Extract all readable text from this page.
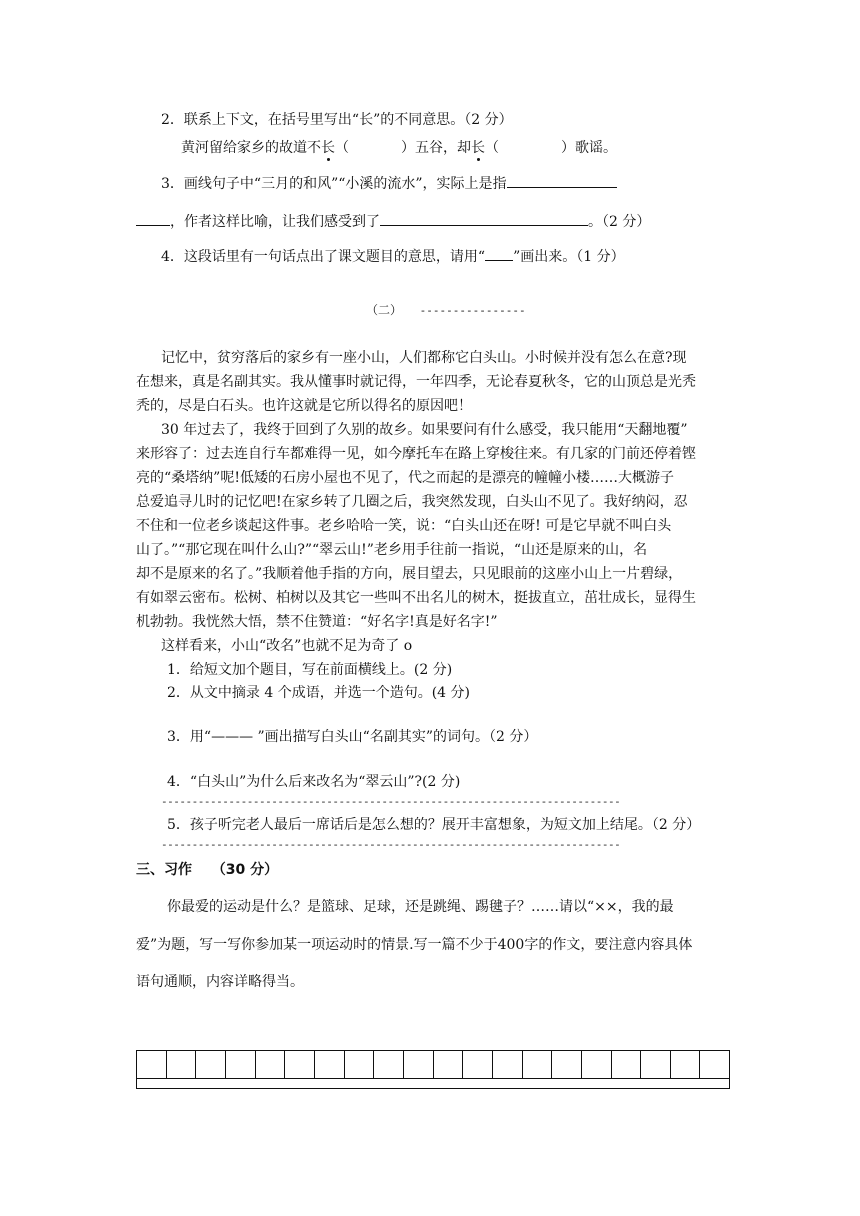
2．联系上下文，在括号里写出“长”的不同意思。（2 分）
黄河留给家乡的故道不长（	）五谷，却长（	）歌谣。
3．画线句子中“三月的和风”“小溪的流水”，实际上是指
，作者这样比喻，让我们感受到了	。（2 分）
4．这段话里有一句话点出了课文题目的意思，请用“ ”画出来。（1 分）
（二） ----------------
记忆中，贫穷落后的家乡有一座小山，人们都称它白头山。小时候并没有怎么在意?现
在想来，真是名副其实。我从懂事时就记得，一年四季，无论春夏秋冬，它的山顶总是光秃
秃的，尽是白石头。也许这就是它所以得名的原因吧！
30 年过去了，我终于回到了久别的故乡。如果要问有什么感受，我只能用“天翻地覆”
来形容了：过去连自行车都难得一见，如今摩托车在路上穿梭往来。有几家的门前还停着铿
亮的“桑塔纳”呢!低矮的石房小屋也不见了，代之而起的是漂亮的幢幢小楼……大概游子
总爱追寻儿时的记忆吧!在家乡转了几圈之后，我突然发现，白头山不见了。我好纳闷，忍
不住和一位老乡谈起这件事。老乡哈哈一笑，说：“白头山还在呀! 可是它早就不叫白头
山了。”“那它现在叫什么山?”“翠云山!”老乡用手往前一指说，“山还是原来的山，名
却不是原来的名了。”我顺着他手指的方向，展目望去，只见眼前的这座小山上一片碧绿，
有如翠云密布。松树、柏树以及其它一些叫不出名儿的树木，挺拔直立，茁壮成长，显得生
机勃勃。我恍然大悟，禁不住赞道：“好名字!真是好名字!”
这样看来，小山“改名”也就不足为奇了 o
1．给短文加个题目，写在前面横线上。(2 分)
2．从文中摘录 4 个成语，并选一个造句。(4 分)
3．用“——— ”画出描写白头山“名副其实”的词句。（2 分）
4．“白头山”为什么后来改名为“翠云山”?(2 分)
---------------------------------------------------------------------------
5．孩子听完老人最后一席话后是怎么想的？展开丰富想象，为短文加上结尾。（2 分）
---------------------------------------------------------------------------
三、习作 （30 分）
你最爱的运动是什么？是篮球、足球，还是跳绳、踢毽子？……请以“××，我的最
爱”为题，写一写你参加某一项运动时的情景.写一篇不少于400字的作文，要注意内容具体
语句通顺，内容详略得当。
